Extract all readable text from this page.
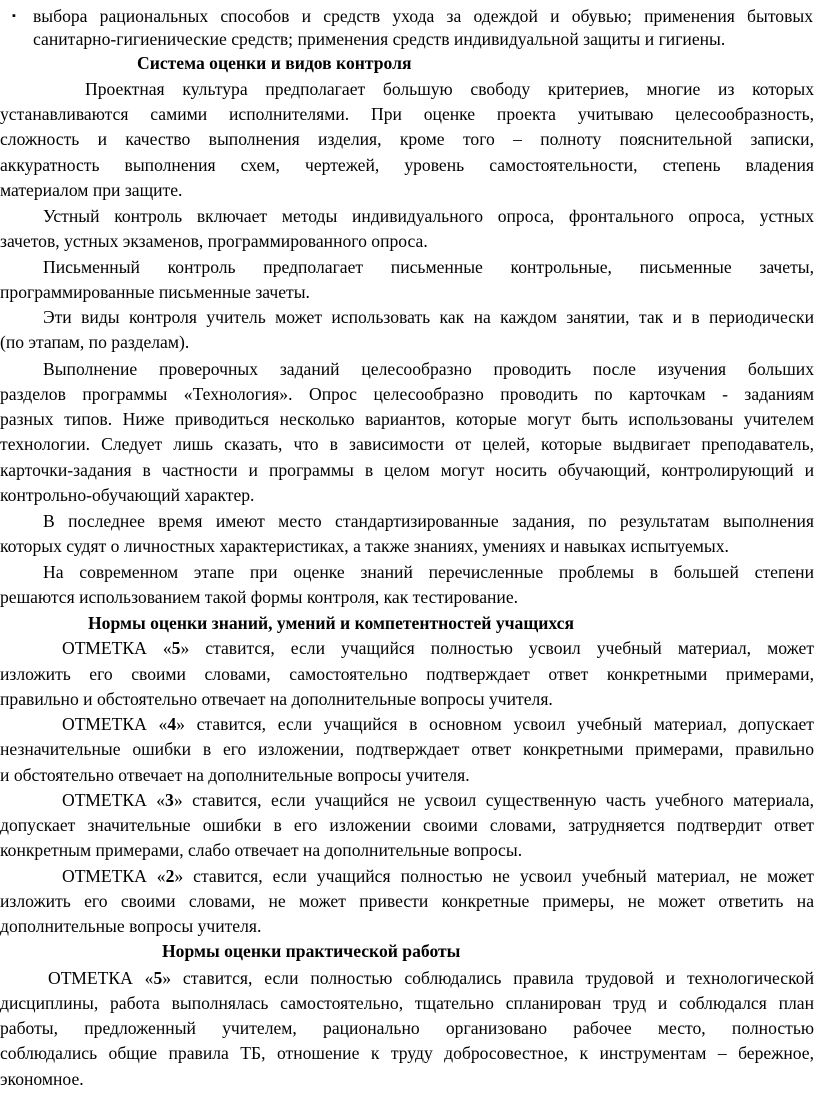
▪ выбора рациональных способов и средств ухода за одеждой и обувью; применения бытовых
санитарно-гигиенические средств; применения средств индивидуальной защиты и гигиены.
Система оценки и видов контроля
Проектная культура предполагает большую свободу критериев, многие из которых
устанавливаются самими исполнителями. При оценке проекта учитываю целесообразность,
сложность и качество выполнения изделия, кроме того – полноту пояснительной записки,
аккуратность выполнения схем, чертежей, уровень самостоятельности, степень владения
материалом при защите.
Устный контроль включает методы индивидуального опроса, фронтального опроса, устных
зачетов, устных экзаменов, программированного опроса.
Письменный контроль предполагает письменные контрольные, письменные зачеты,
программированные письменные зачеты.
Эти виды контроля учитель может использовать как на каждом занятии, так и в периодически
(по этапам, по разделам).
Выполнение проверочных заданий целесообразно проводить после изучения больших
разделов программы «Технология». Опрос целесообразно проводить по карточкам - заданиям
разных типов. Ниже приводиться несколько вариантов, которые могут быть использованы учителем
технологии. Следует лишь сказать, что в зависимости от целей, которые выдвигает преподаватель,
карточки-задания в частности и программы в целом могут носить обучающий, контролирующий и
контрольно-обучающий характер.
В последнее время имеют место стандартизированные задания, по результатам выполнения
которых судят о личностных характеристиках, а также знаниях, умениях и навыках испытуемых.
На современном этапе при оценке знаний перечисленные проблемы в большей степени
решаются использованием такой формы контроля, как тестирование.
Нормы оценки знаний, умений и компетентностей учащихся
ОТМЕТКА «5» ставится, если учащийся полностью усвоил учебный материал, может
изложить его своими словами, самостоятельно подтверждает ответ конкретными примерами,
правильно и обстоятельно отвечает на дополнительные вопросы учителя.
ОТМЕТКА «4» ставится, если учащийся в основном усвоил учебный материал, допускает
незначительные ошибки в его изложении, подтверждает ответ конкретными примерами, правильно
и обстоятельно отвечает на дополнительные вопросы учителя.
ОТМЕТКА «3» ставится, если учащийся не усвоил существенную часть учебного материала,
допускает значительные ошибки в его изложении своими словами, затрудняется подтвердит ответ
конкретным примерами, слабо отвечает на дополнительные вопросы.
ОТМЕТКА «2» ставится, если учащийся полностью не усвоил учебный материал, не может
изложить его своими словами, не может привести конкретные примеры, не может ответить на
дополнительные вопросы учителя.
Нормы оценки практической работы
ОТМЕТКА «5» ставится, если полностью соблюдались правила трудовой и технологической
дисциплины, работа выполнялась самостоятельно, тщательно спланирован труд и соблюдался план
работы, предложенный учителем, рационально организовано рабочее место, полностью
соблюдались общие правила ТБ, отношение к труду добросовестное, к инструментам – бережное,
экономное.
